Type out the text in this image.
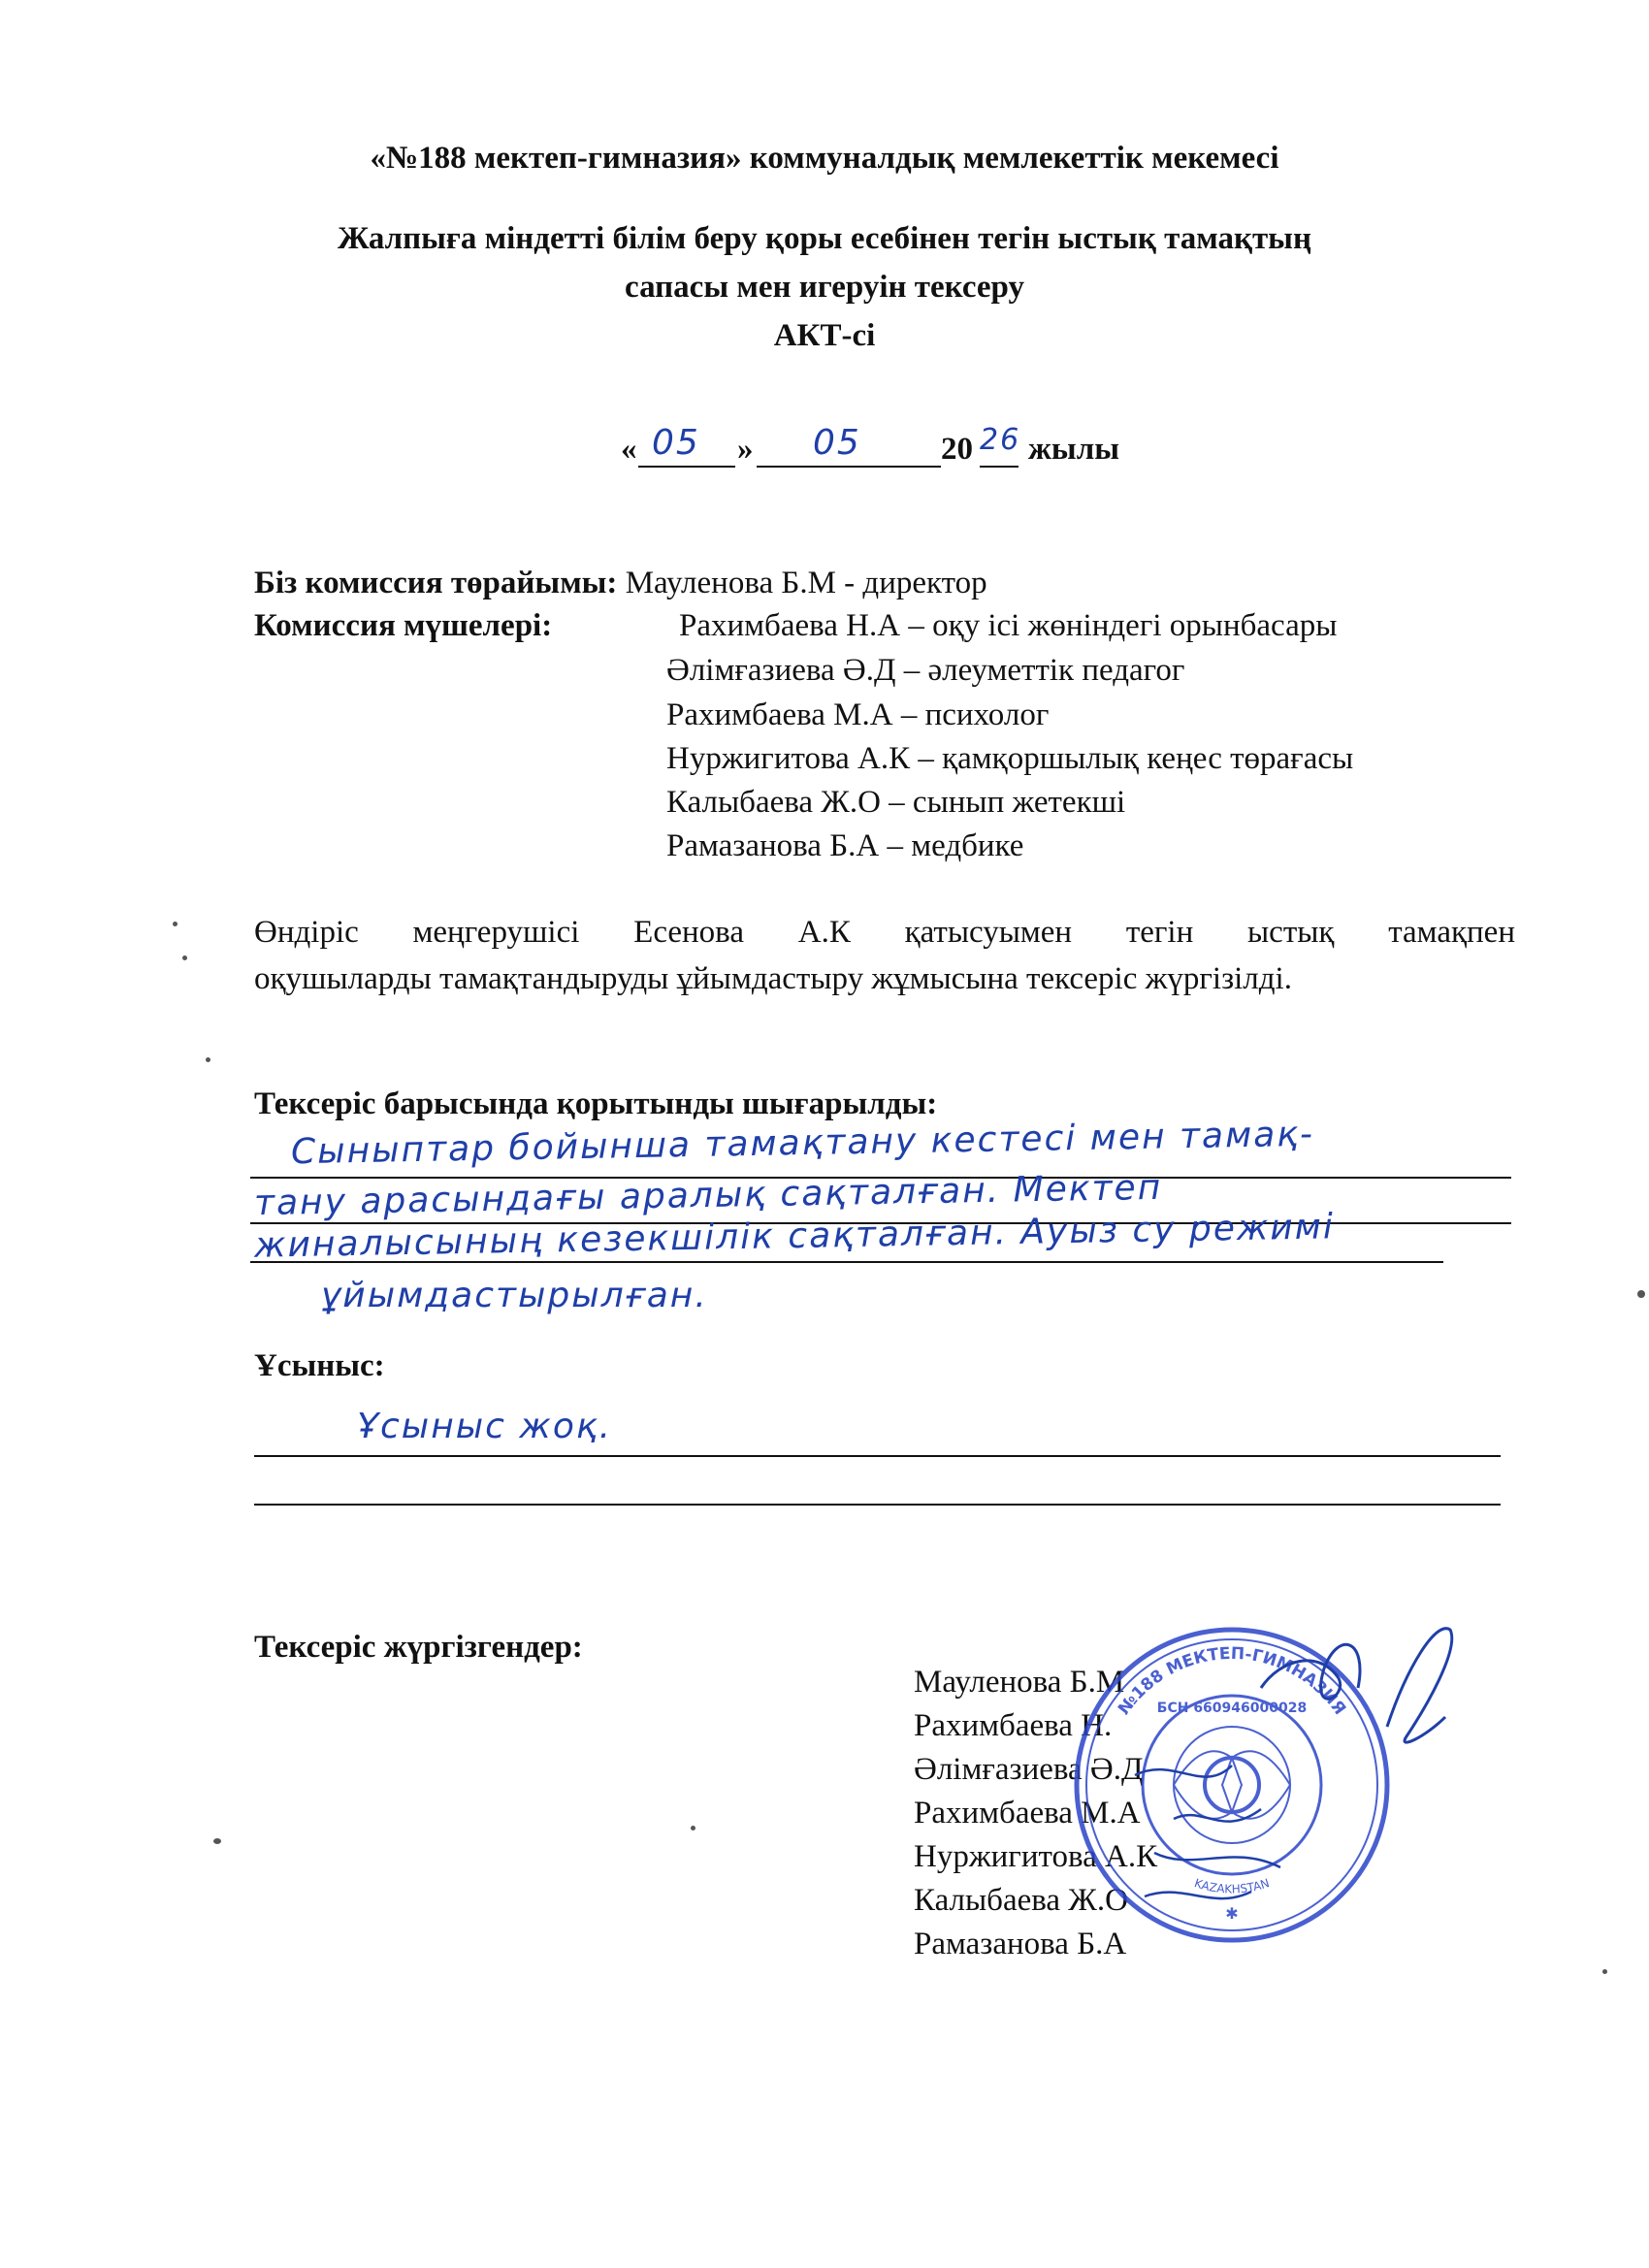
«№188 мектеп-гимназия» коммуналдық мемлекеттік мекемесі
Жалпыға міндетті білім беру қоры есебінен тегін ыстық тамақтың
сапасы мен игеруін тексеру
АКТ-сі
« 05 » 05 20 26 жылы
Біз комиссия төрайымы: Мауленова Б.М - директор
Комиссия мүшелері:	Рахимбаева Н.А – оқу ісі жөніндегі орынбасары
Әлімғазиева Ә.Д – әлеуметтік педагог
Рахимбаева М.А – психолог
Нуржигитова А.К – қамқоршылық кеңес төрағасы
Калыбаева Ж.О – сынып жетекші
Рамазанова Б.А – медбике
Өндіріс меңгерушісі Есенова А.К қатысуымен тегін ыстық тамақпен
оқушыларды тамақтандыруды ұйымдастыру жұмысына тексеріс жүргізілді.
Тексеріс барысында қорытынды шығарылды:
Сыныптар бойынша тамақтану кестесі мен тамақ-
тану арасындағы аралық сақталған. Мектеп
жиналысының кезекшілік сақталған. Ауыз су режимі
ұйымдастырылған.
Ұсыныс:
Ұсыныс жоқ.
Тексеріс жүргізгендер:
Мауленова Б.М
Рахимбаева Н.
Әлімғазиева Ә.Д
Рахимбаева М.А
Нуржигитова А.К
Калыбаева Ж.О
Рамазанова Б.А
№188 МЕКТЕП-ГИМНАЗИЯ
БСН 660946000028
KAZAKHSTAN
✱
